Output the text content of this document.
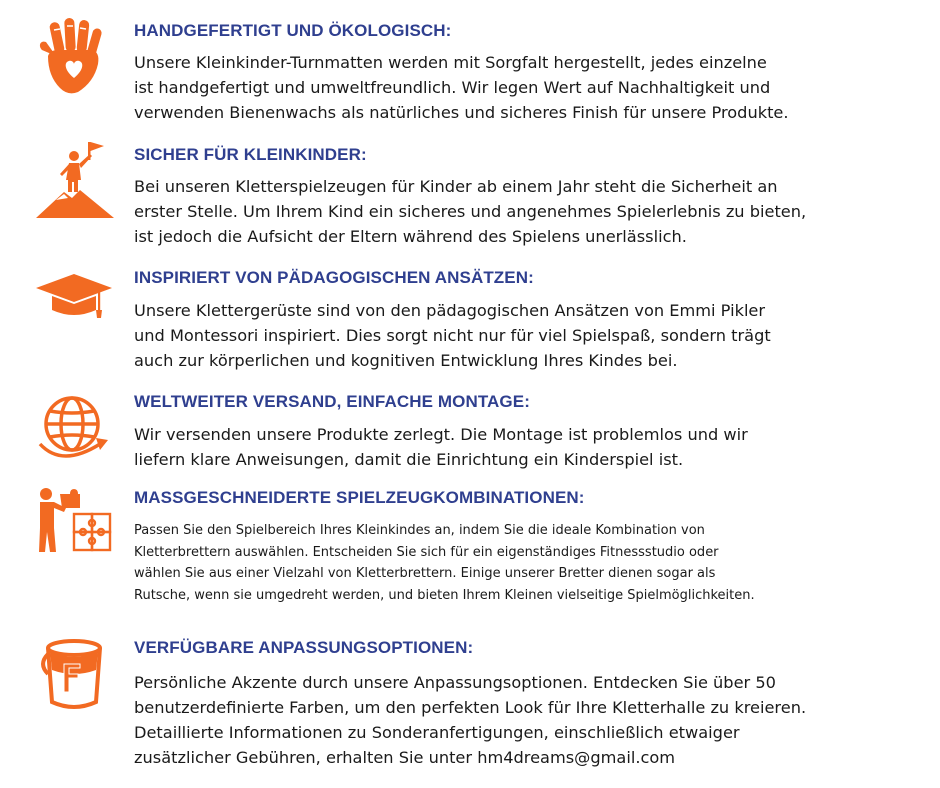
HANDGEFERTIGT UND ÖKOLOGISCH:
Unsere Kleinkinder-Turnmatten werden mit Sorgfalt hergestellt, jedes einzelne
ist handgefertigt und umweltfreundlich. Wir legen Wert auf Nachhaltigkeit und
verwenden Bienenwachs als natürliches und sicheres Finish für unsere Produkte.
SICHER FÜR KLEINKINDER:
Bei unseren Kletterspielzeugen für Kinder ab einem Jahr steht die Sicherheit an
erster Stelle. Um Ihrem Kind ein sicheres und angenehmes Spielerlebnis zu bieten,
ist jedoch die Aufsicht der Eltern während des Spielens unerlässlich.
INSPIRIERT VON PÄDAGOGISCHEN ANSÄTZEN:
Unsere Klettergerüste sind von den pädagogischen Ansätzen von Emmi Pikler
und Montessori inspiriert. Dies sorgt nicht nur für viel Spielspaß, sondern trägt
auch zur körperlichen und kognitiven Entwicklung Ihres Kindes bei.
WELTWEITER VERSAND, EINFACHE MONTAGE:
Wir versenden unsere Produkte zerlegt. Die Montage ist problemlos und wir
liefern klare Anweisungen, damit die Einrichtung ein Kinderspiel ist.
MASSGESCHNEIDERTE SPIELZEUGKOMBINATIONEN:
Passen Sie den Spielbereich Ihres Kleinkindes an, indem Sie die ideale Kombination von
Kletterbrettern auswählen. Entscheiden Sie sich für ein eigenständiges Fitnessstudio oder
wählen Sie aus einer Vielzahl von Kletterbrettern. Einige unserer Bretter dienen sogar als
Rutsche, wenn sie umgedreht werden, und bieten Ihrem Kleinen vielseitige Spielmöglichkeiten.
VERFÜGBARE ANPASSUNGSOPTIONEN:
Persönliche Akzente durch unsere Anpassungsoptionen. Entdecken Sie über 50
benutzerdefinierte Farben, um den perfekten Look für Ihre Kletterhalle zu kreieren.
Detaillierte Informationen zu Sonderanfertigungen, einschließlich etwaiger
zusätzlicher Gebühren, erhalten Sie unter hm4dreams@gmail.com
